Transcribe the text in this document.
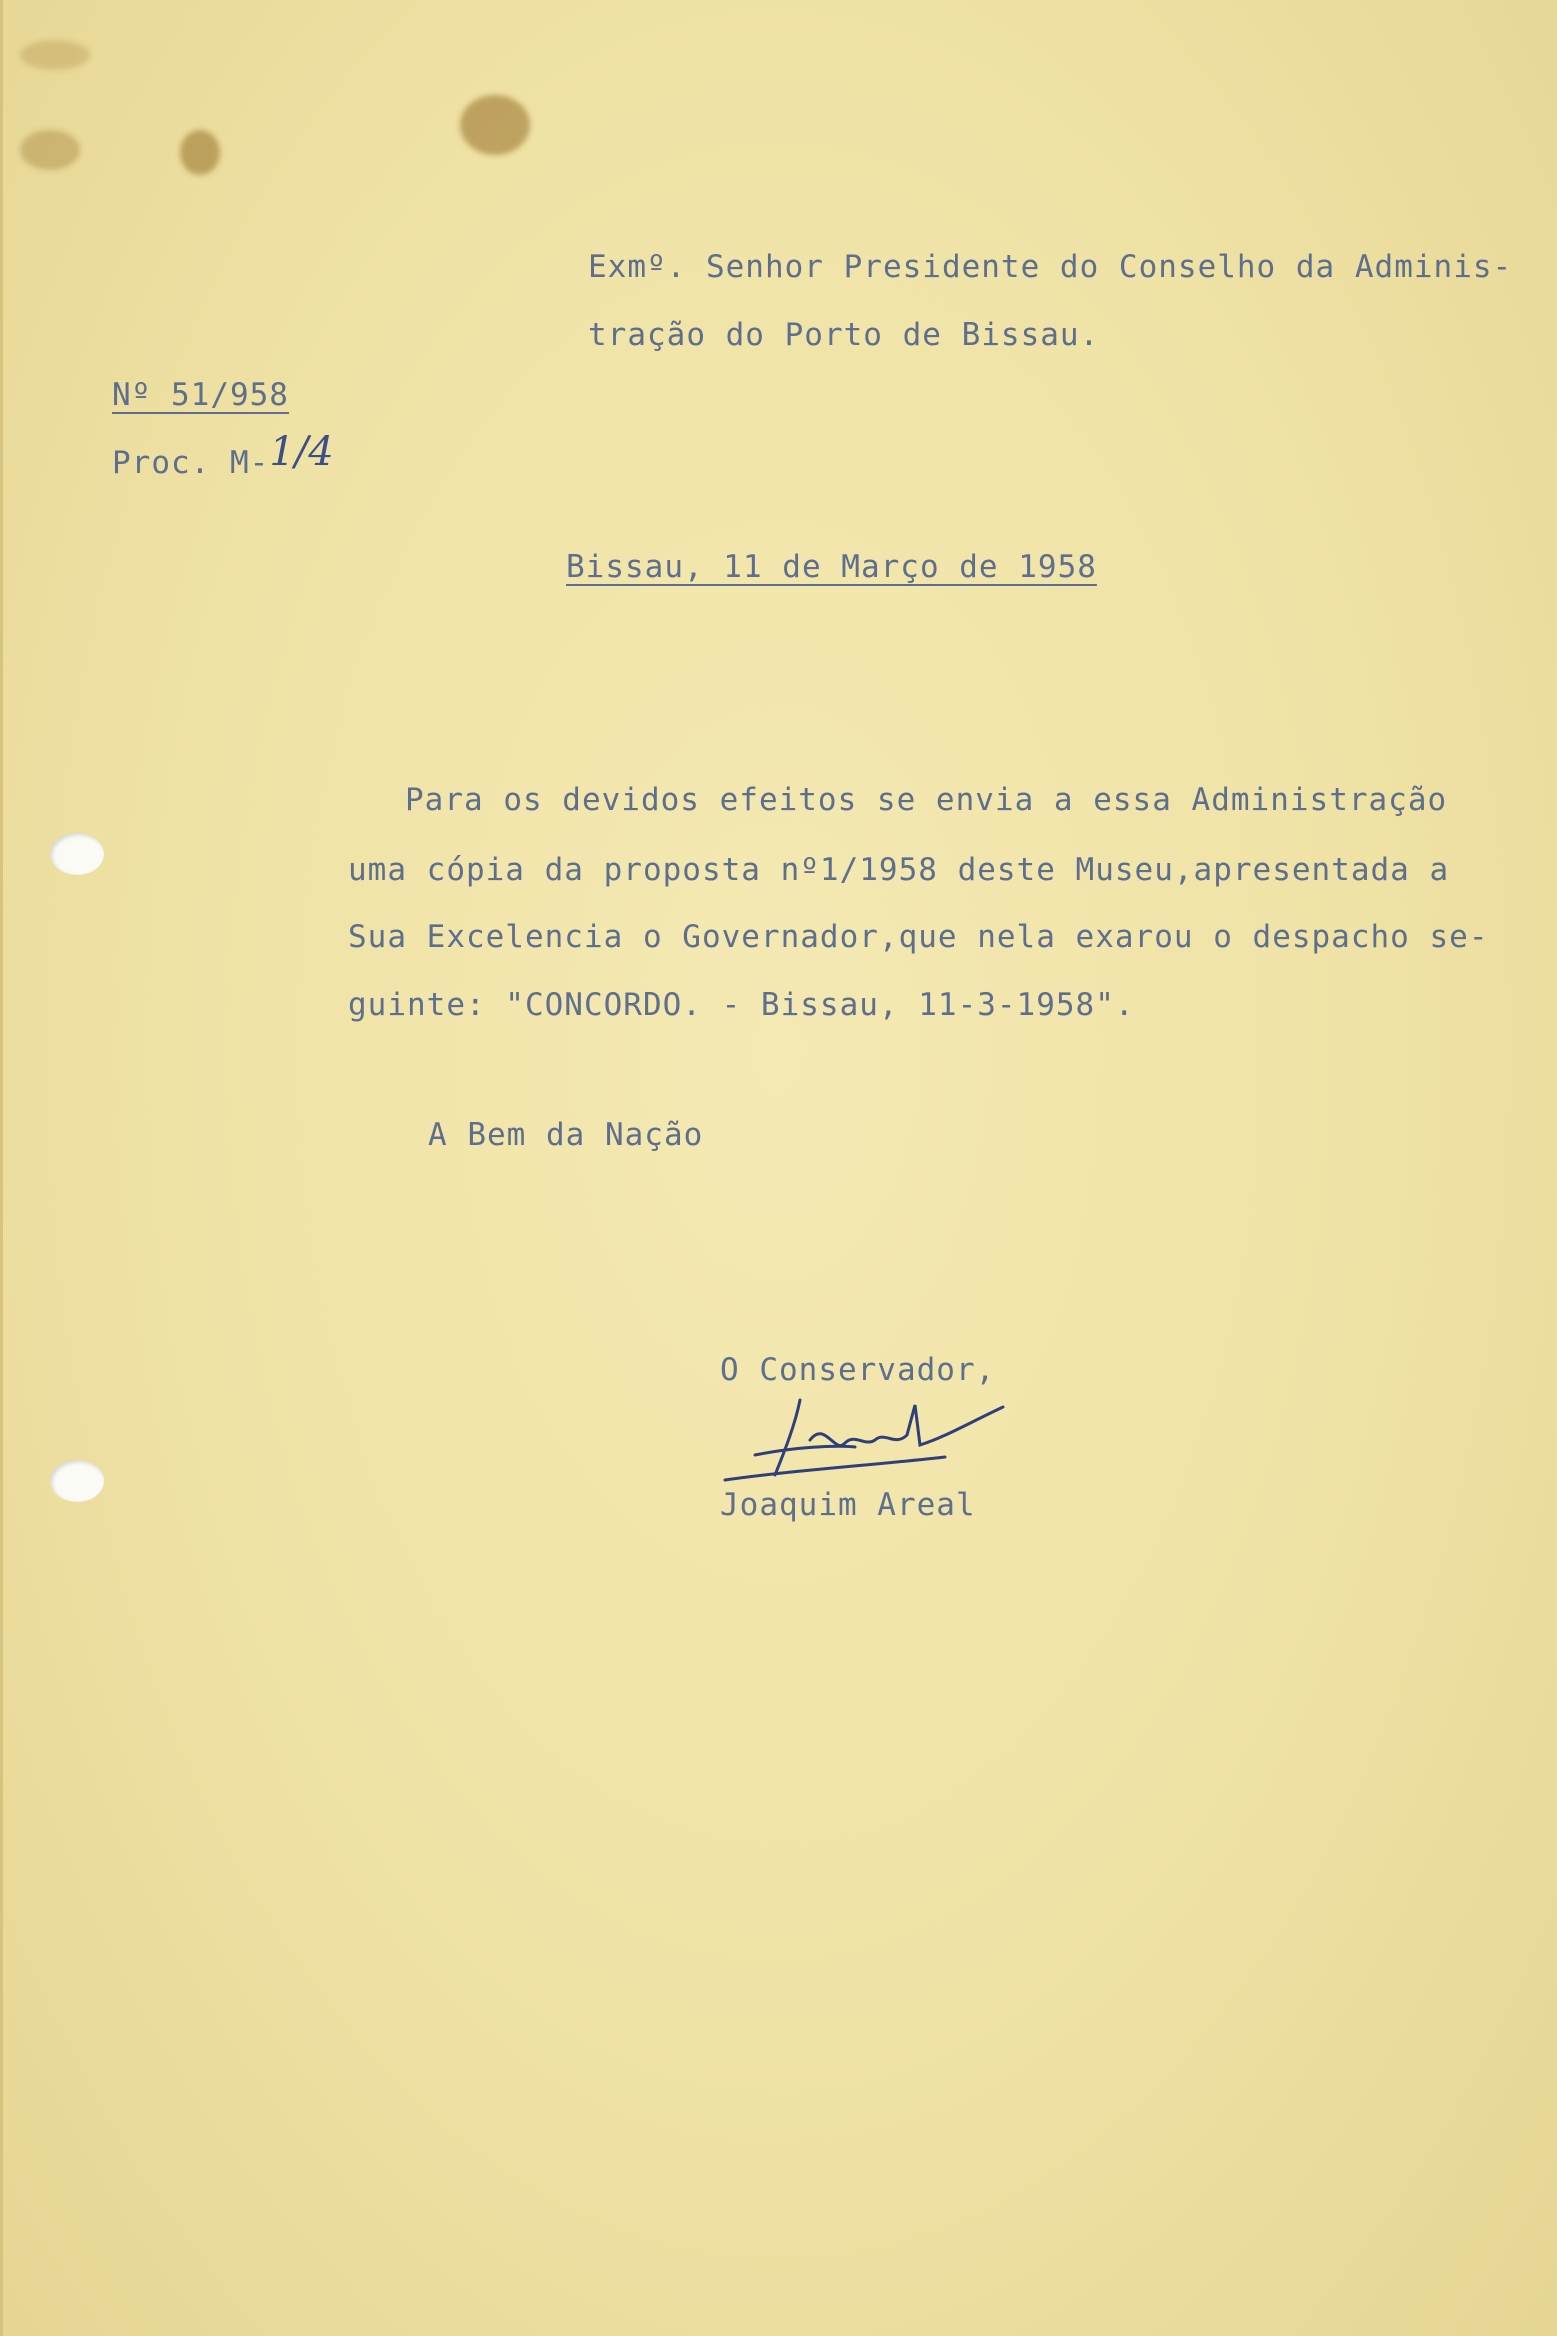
Exmº. Senhor Presidente do Conselho da Adminis-
tração do Porto de Bissau.
Nº 51/958
Proc. M-1/4
Bissau, 11 de Março de 1958
Para os devidos efeitos se envia a essa Administração
uma cópia da proposta nº1/1958 deste Museu,apresentada a
Sua Excelencia o Governador,que nela exarou o despacho se-
guinte: "CONCORDO. - Bissau, 11-3-1958".
A Bem da Nação
O Conservador,
Joaquim Areal
